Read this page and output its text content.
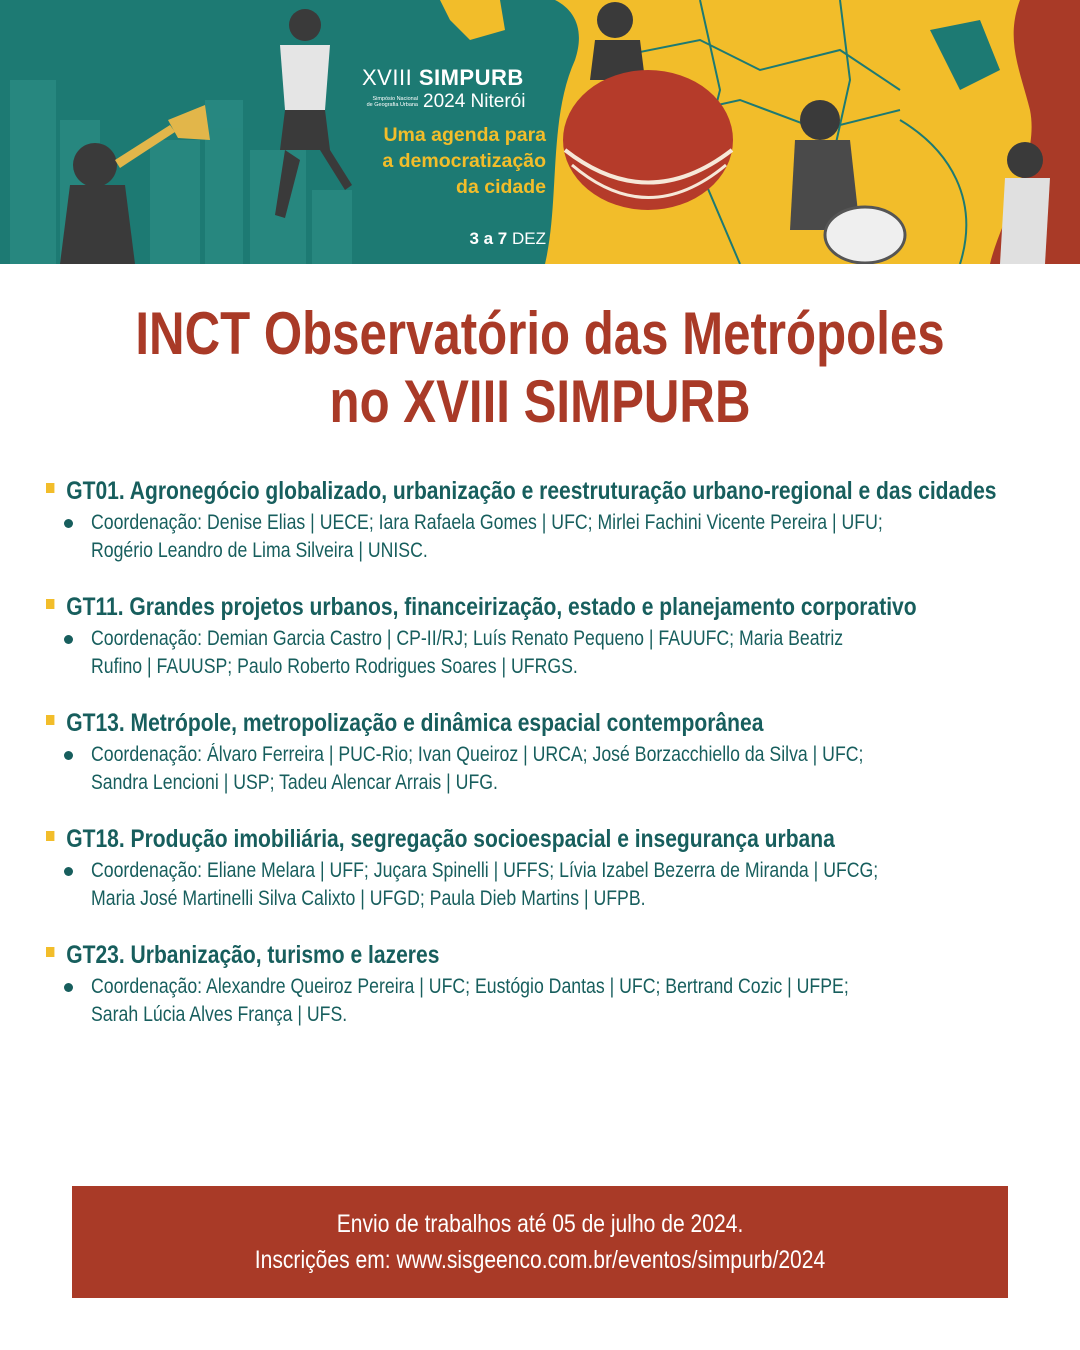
XVIII SIMPURB
Simpósio Nacional
de Geografia Urbana 2024 Niterói
Uma agenda para
a democratização
da cidade
3 a 7 DEZ
INCT Observatório das Metrópoles
no XVIII SIMPURB
GT01. Agronegócio globalizado, urbanização e reestruturação urbano-regional e das cidades
Coordenação: Denise Elias | UECE; Iara Rafaela Gomes | UFC; Mirlei Fachini Vicente Pereira | UFU; Rogério Leandro de Lima Silveira | UNISC.
GT11. Grandes projetos urbanos, financeirização, estado e planejamento corporativo
Coordenação: Demian Garcia Castro | CP-II/RJ; Luís Renato Pequeno | FAUUFC; Maria Beatriz Rufino | FAUUSP; Paulo Roberto Rodrigues Soares | UFRGS.
GT13. Metrópole, metropolização e dinâmica espacial contemporânea
Coordenação: Álvaro Ferreira | PUC-Rio; Ivan Queiroz | URCA; José Borzacchiello da Silva | UFC; Sandra Lencioni | USP; Tadeu Alencar Arrais | UFG.
GT18. Produção imobiliária, segregação socioespacial e insegurança urbana
Coordenação: Eliane Melara | UFF; Juçara Spinelli | UFFS; Lívia Izabel Bezerra de Miranda | UFCG; Maria José Martinelli Silva Calixto | UFGD; Paula Dieb Martins | UFPB.
GT23. Urbanização, turismo e lazeres
Coordenação: Alexandre Queiroz Pereira | UFC; Eustógio Dantas | UFC; Bertrand Cozic | UFPE; Sarah Lúcia Alves França | UFS.
Envio de trabalhos até 05 de julho de 2024.
Inscrições em: www.sisgeenco.com.br/eventos/simpurb/2024
